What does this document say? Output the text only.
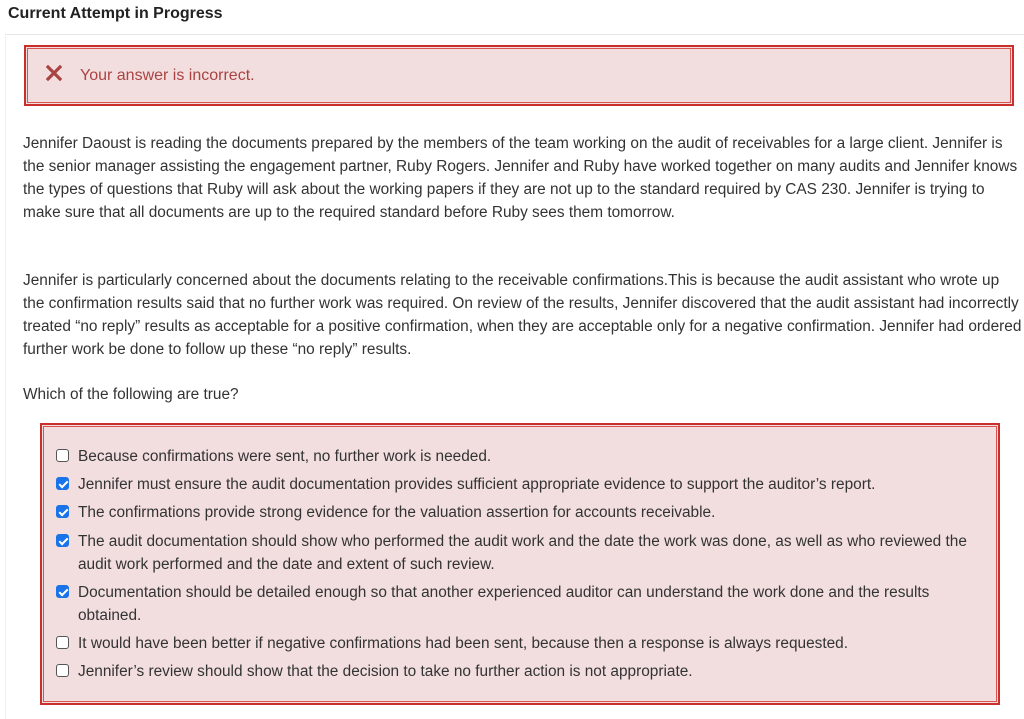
Current Attempt in Progress
Your answer is incorrect.

Jennifer Daoust is reading the documents prepared by the members of the team working on the audit of receivables for a large client. Jennifer is the senior manager assisting the engagement partner, Ruby Rogers. Jennifer and Ruby have worked together on many audits and Jennifer knows the types of questions that Ruby will ask about the working papers if they are not up to the standard required by CAS 230. Jennifer is trying to make sure that all documents are up to the required standard before Ruby sees them tomorrow.

Jennifer is particularly concerned about the documents relating to the receivable confirmations.This is because the audit assistant who wrote up the confirmation results said that no further work was required. On review of the results, Jennifer discovered that the audit assistant had incorrectly treated “no reply” results as acceptable for a positive confirmation, when they are acceptable only for a negative confirmation. Jennifer had ordered further work be done to follow up these “no reply” results.

Which of the following are true?

Because confirmations were sent, no further work is needed.
Jennifer must ensure the audit documentation provides sufficient appropriate evidence to support the auditor’s report.
The confirmations provide strong evidence for the valuation assertion for accounts receivable.
The audit documentation should show who performed the audit work and the date the work was done, as well as who reviewed the audit work performed and the date and extent of such review.
Documentation should be detailed enough so that another experienced auditor can understand the work done and the results obtained.
It would have been better if negative confirmations had been sent, because then a response is always requested.
Jennifer’s review should show that the decision to take no further action is not appropriate.
